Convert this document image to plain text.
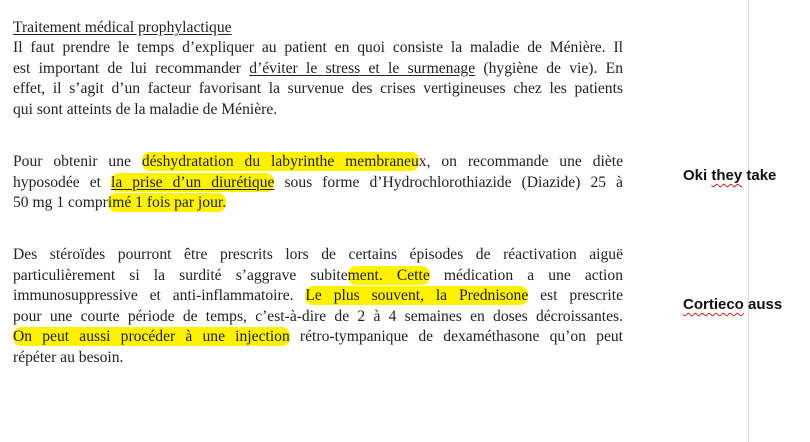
Traitement médical prophylactique
Il faut prendre le temps d’expliquer au patient en quoi consiste la maladie de Ménière. Il
est important de lui recommander d’éviter le stress et le surmenage (hygiène de vie). En
effet, il s’agit d’un facteur favorisant la survenue des crises vertigineuses chez les patients
qui sont atteints de la maladie de Ménière.
Pour obtenir une déshydratation du labyrinthe membraneux, on recommande une diète
hyposodée et la prise d’un diurétique sous forme d’Hydrochlorothiazide (Diazide) 25 à
50 mg 1 comprimé 1 fois par jour.
Des stéroïdes pourront être prescrits lors de certains épisodes de réactivation aiguë
particulièrement si la surdité s’aggrave subitement. Cette médication a une action
immunosuppressive et anti-inflammatoire. Le plus souvent, la Prednisone est prescrite
pour une courte période de temps, c’est-à-dire de 2 à 4 semaines en doses décroissantes.
On peut aussi procéder à une injection rétro-tympanique de dexaméthasone qu’on peut
répéter au besoin.
Oki they take
Cortieco auss
